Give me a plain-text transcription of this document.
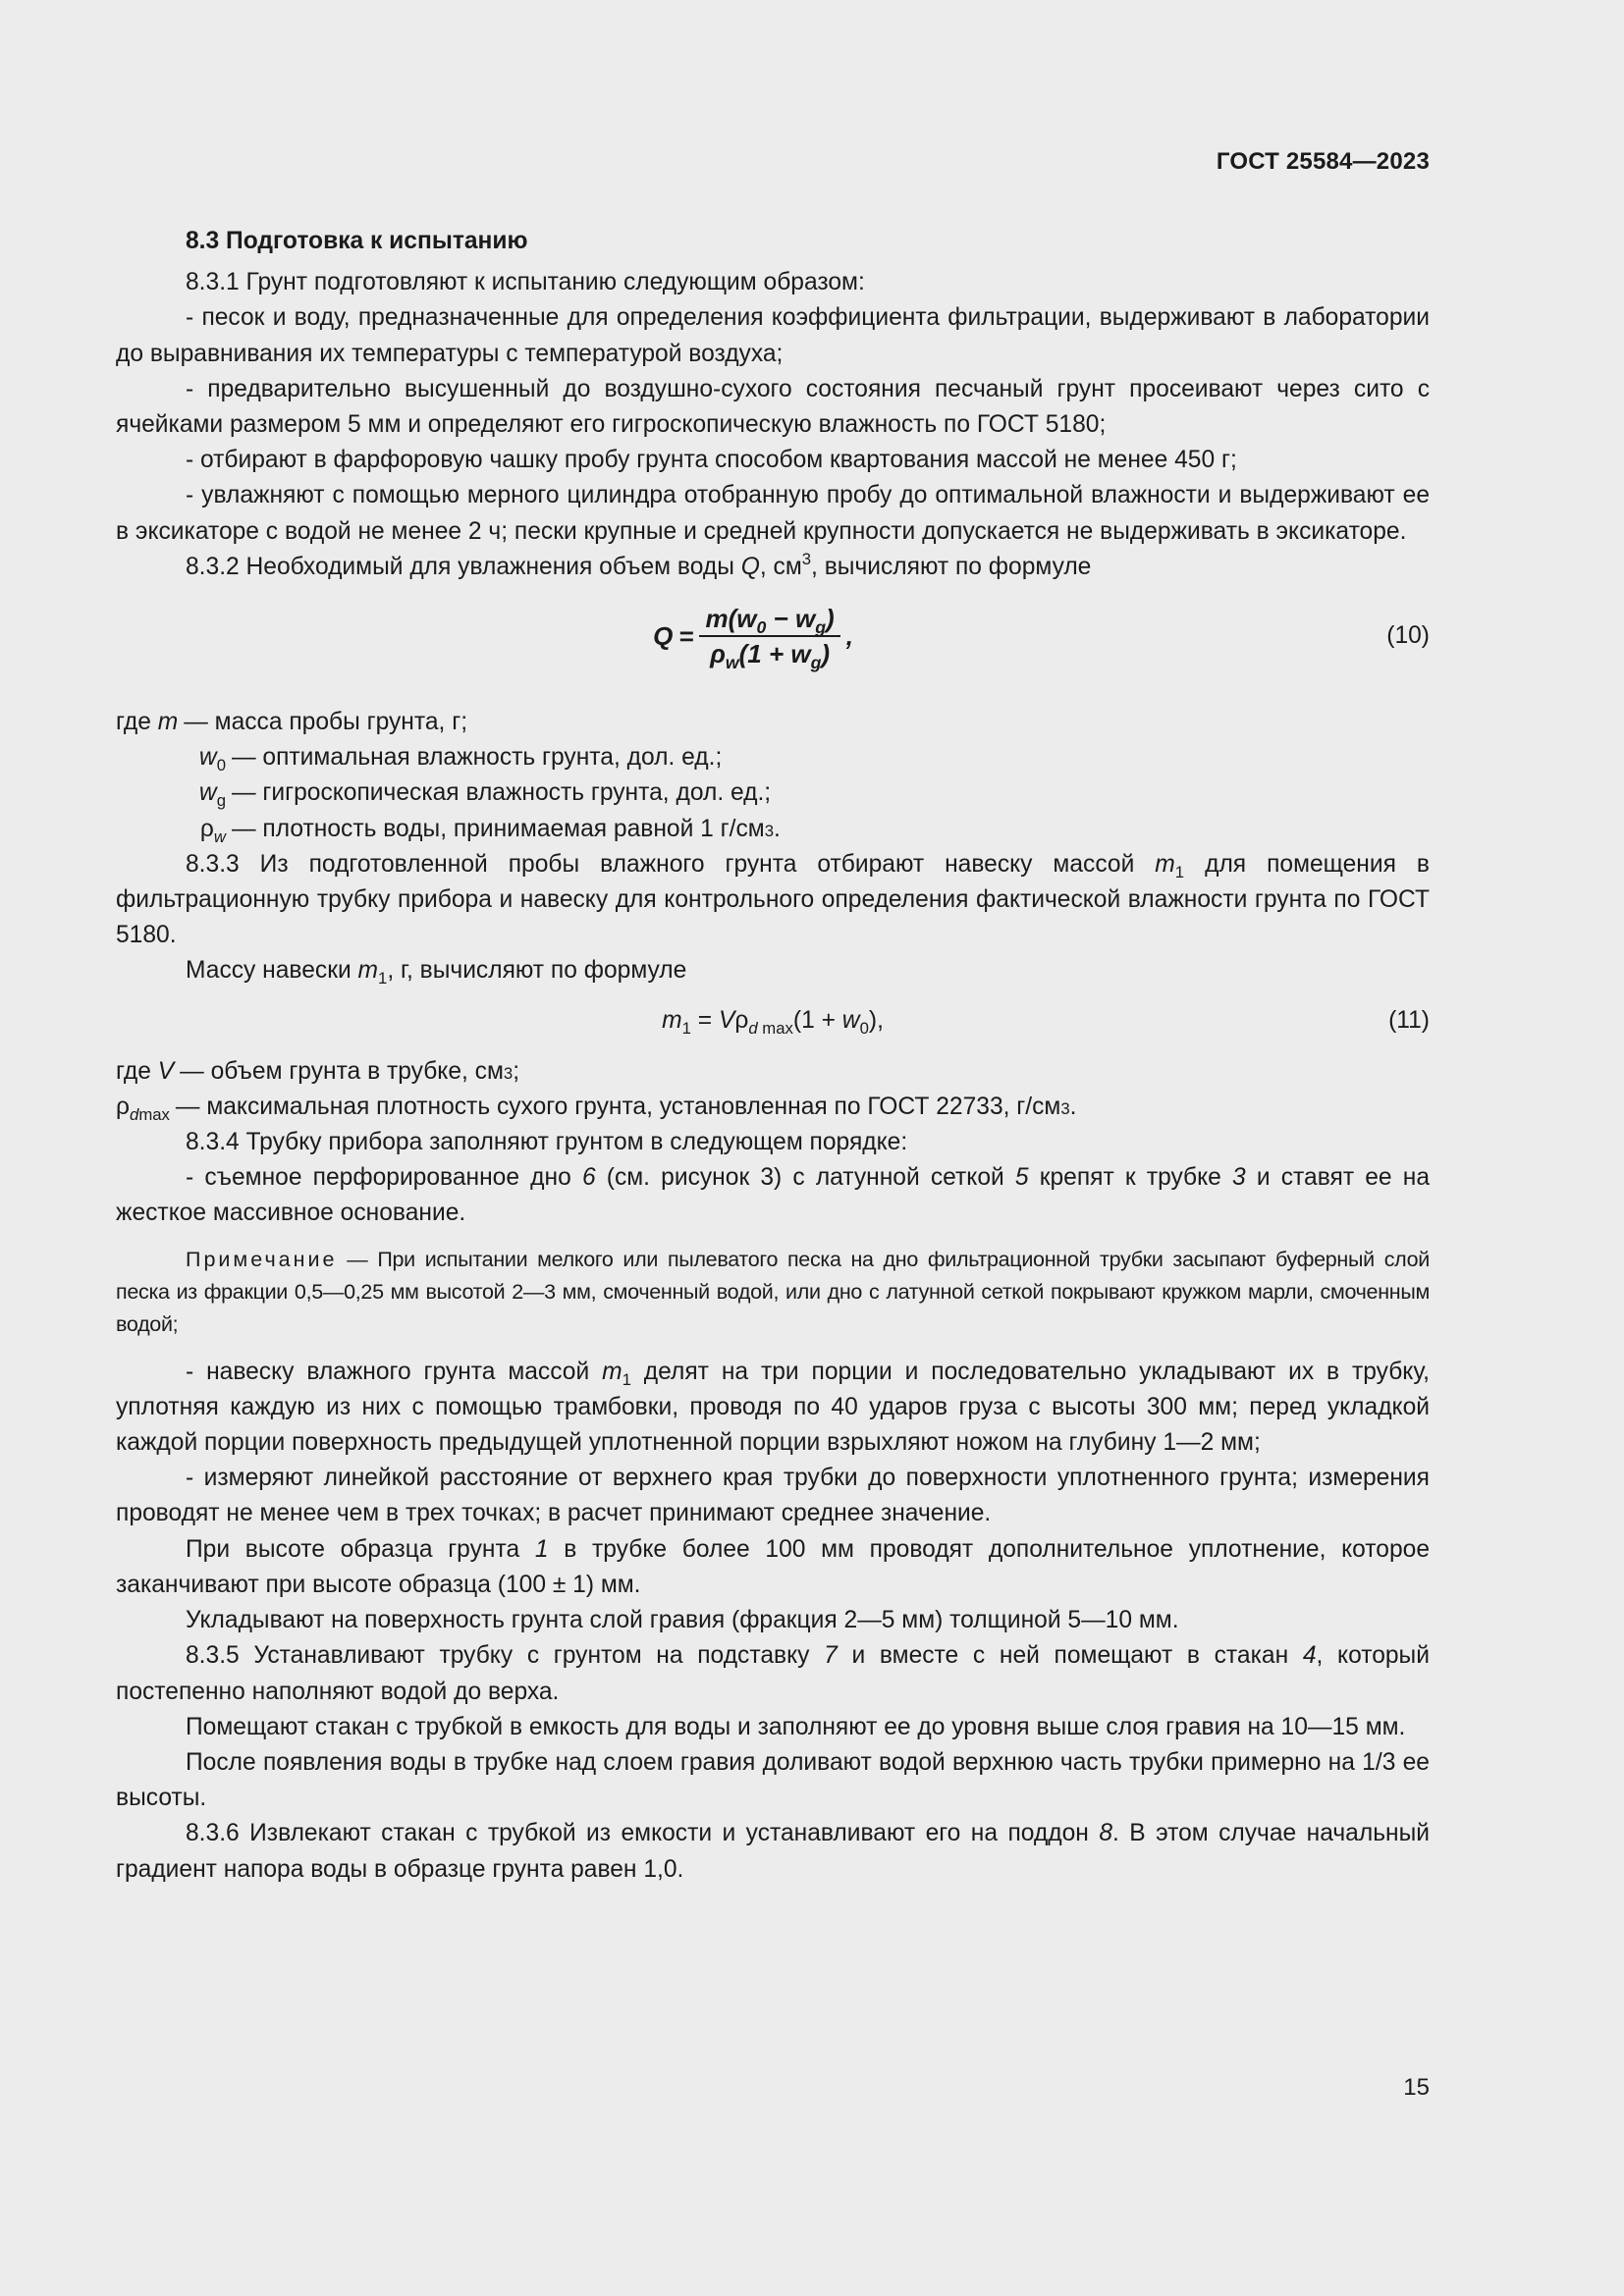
ГОСТ 25584—2023

8.3 Подготовка к испытанию

8.3.1 Грунт подготовляют к испытанию следующим образом:

- песок и воду, предназначенные для определения коэффициента фильтрации, выдерживают в лаборатории до выравнивания их температуры с температурой воздуха;

- предварительно высушенный до воздушно-сухого состояния песчаный грунт просеивают через сито с ячейками размером 5 мм и определяют его гигроскопическую влажность по ГОСТ 5180;

- отбирают в фарфоровую чашку пробу грунта способом квартования массой не менее 450 г;

- увлажняют с помощью мерного цилиндра отобранную пробу до оптимальной влажности и выдерживают ее в эксикаторе с водой не менее 2 ч; пески крупные и средней крупности допускается не выдерживать в эксикаторе.

8.3.2 Необходимый для увлажнения объем воды Q, $см^3$, вычисляют по формуле

$Q = \frac{m(w_0 - w_g)}{\rho_w(1 + w_g)}$ ,	(10)
где m — масса пробы грунта, г;
$w_0$ — оптимальная влажность грунта, дол. ед.;
$w_g$ — гигроскопическая влажность грунта, дол. ед.;
$\rho_w$ — плотность воды, принимаемая равной 1 г/см 3 .

8.3.3 Из подготовленной пробы влажного грунта отбирают навеску массой $m_1$ для помещения в фильтрационную трубку прибора и навеску для контрольного определения фактической влажности грунта по ГОСТ 5180.

Массу навески $m_1$, г, вычисляют по формуле

$m_1 = V\rho_{d max}(1 + w_0)$,	(11)
где V — объем грунта в трубке, см 3 ;
$\rho_{dmax}$ — максимальная плотность сухого грунта, установленная по ГОСТ 22733, г/см 3 .

8.3.4 Трубку прибора заполняют грунтом в следующем порядке:

- съемное перфорированное дно 6 (см. рисунок 3) с латунной сеткой 5 крепят к трубке 3 и ставят ее на жесткое массивное основание.

Примечание — При испытании мелкого или пылеватого песка на дно фильтрационной трубки засыпают буферный слой песка из фракции 0,5—0,25 мм высотой 2—3 мм, смоченный водой, или дно с латунной сеткой покрывают кружком марли, смоченным водой;

- навеску влажного грунта массой $m_1$ делят на три порции и последовательно укладывают их в трубку, уплотняя каждую из них с помощью трамбовки, проводя по 40 ударов груза с высоты 300 мм; перед укладкой каждой порции поверхность предыдущей уплотненной порции взрыхляют ножом на глубину 1—2 мм;

- измеряют линейкой расстояние от верхнего края трубки до поверхности уплотненного грунта; измерения проводят не менее чем в трех точках; в расчет принимают среднее значение.

При высоте образца грунта 1 в трубке более 100 мм проводят дополнительное уплотнение, которое заканчивают при высоте образца (100 ± 1) мм.

Укладывают на поверхность грунта слой гравия (фракция 2—5 мм) толщиной 5—10 мм.

8.3.5 Устанавливают трубку с грунтом на подставку 7 и вместе с ней помещают в стакан 4, который постепенно наполняют водой до верха.

Помещают стакан с трубкой в емкость для воды и заполняют ее до уровня выше слоя гравия на 10—15 мм.

После появления воды в трубке над слоем гравия доливают водой верхнюю часть трубки примерно на 1/3 ее высоты.

8.3.6 Извлекают стакан с трубкой из емкости и устанавливают его на поддон 8. В этом случае начальный градиент напора воды в образце грунта равен 1,0.

15
